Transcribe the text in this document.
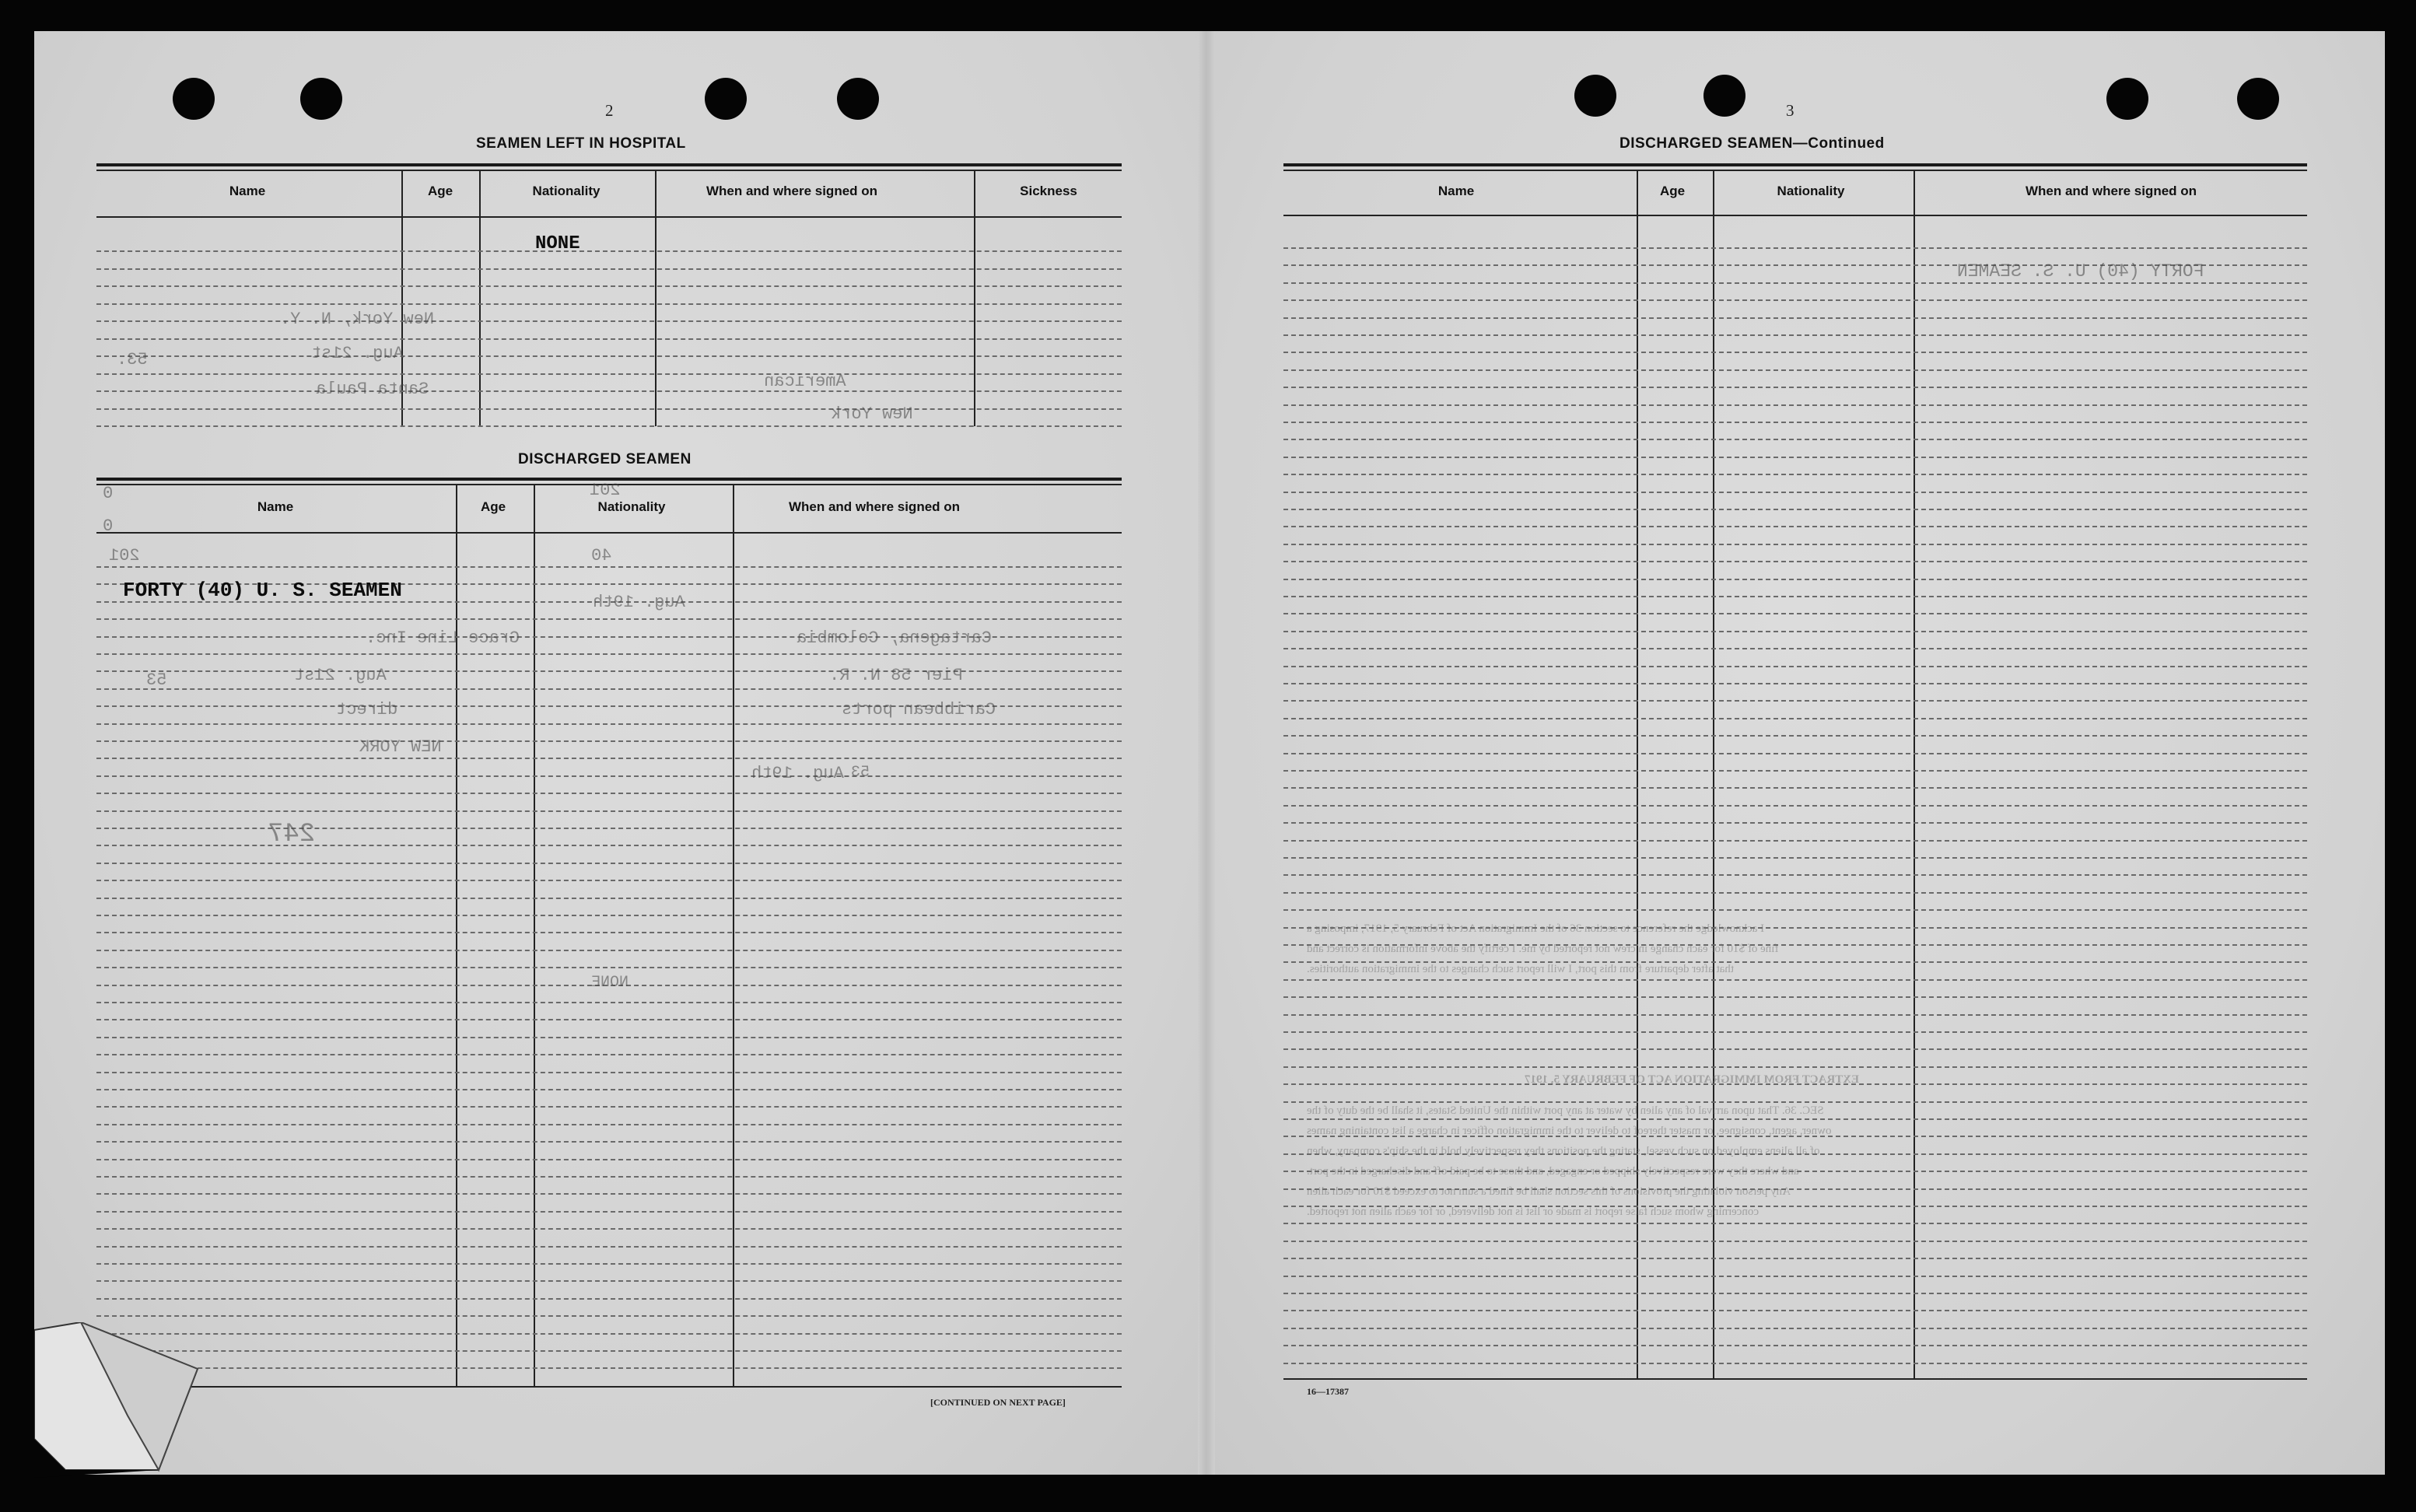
2
SEAMEN LEFT IN HOSPITAL
Name	Age	Nationality	When and where signed on	Sickness
NONE
New York, N. Y.
Aug. 21st
53.
Santa Paula	American
New York
DISCHARGED SEAMEN
Name	Age	Nationality	When and where signed on
FORTY (40) U. S. SEAMEN
0
0
201
201
40
Aug. 19th
Grace Line Inc.	Cartagena, Colombia
Aug. 21st	Pier 58 N. R.
53
direct	Caribbean ports
NEW YORK
Aug. 19th 53
247
NONE
[CONTINUED ON NEXT PAGE]
3
DISCHARGED SEAMEN—Continued
Name	Age	Nationality	When and where signed on
FORTY (40) U. S. SEAMEN
I acknowledge the reference to section 36 of the Immigration Act of February 5, 1917, imposing a
fine of $10 for each change in crew not reported by me. I certify the above information is correct and
that after departure from this port, I will report such changes to the immigration authorities.
EXTRACT FROM IMMIGRATION ACT OF FEBRUARY 5, 1917
SEC. 36. That upon arrival of any alien by water at any port within the United States, it shall be the duty of the
owner, agent, consignee, or master thereof to deliver to the immigration officer in charge a list containing names
of all aliens employed on such vessel, stating the positions they respectively hold in the ship's company, when
and where they were respectively shipped or engaged, and those to be paid off and discharged in the port.
Any person violating the provisions of this section shall be fined a sum not to exceed $10 for each alien
concerning whom such false report is made or list is not delivered, or for each alien not reported.
16—17387
